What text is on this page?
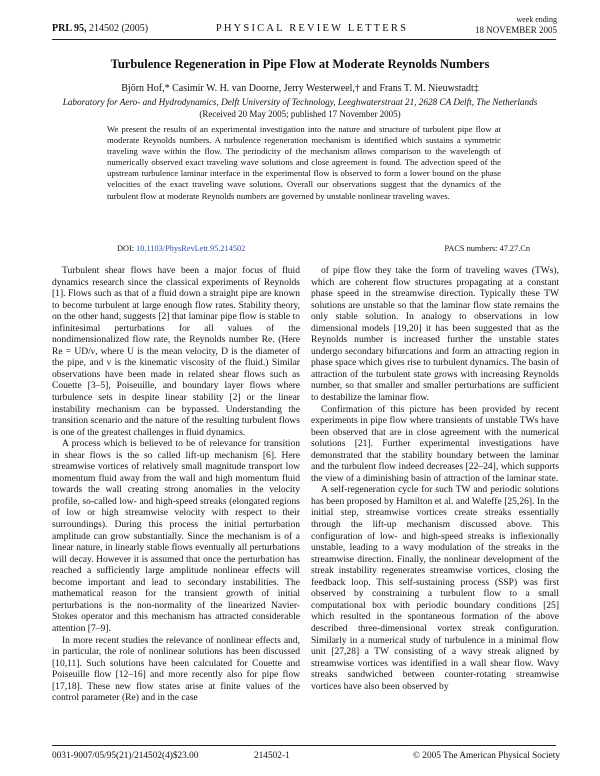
PRL 95, 214502 (2005)	PHYSICAL REVIEW LETTERS
week ending
18 NOVEMBER 2005
Turbulence Regeneration in Pipe Flow at Moderate Reynolds Numbers
Björn Hof,* Casimir W. H. van Doorne, Jerry Westerweel,† and Frans T. M. Nieuwstadt‡
Laboratory for Aero- and Hydrodynamics, Delft University of Technology, Leeghwaterstraat 21, 2628 CA Delft, The Netherlands
(Received 20 May 2005; published 17 November 2005)
We present the results of an experimental investigation into the nature and structure of turbulent pipe flow at moderate Reynolds numbers. A turbulence regeneration mechanism is identified which sustains a symmetric traveling wave within the flow. The periodicity of the mechanism allows comparison to the wavelength of numerically observed exact traveling wave solutions and close agreement is found. The advection speed of the upstream turbulence laminar interface in the experimental flow is observed to form a lower bound on the phase velocities of the exact traveling wave solutions. Overall our observations suggest that the dynamics of the turbulent flow at moderate Reynolds numbers are governed by unstable nonlinear traveling waves.
DOI: 10.1103/PhysRevLett.95.214502	PACS numbers: 47.27.Cn

Turbulent shear flows have been a major focus of fluid dynamics research since the classical experiments of Reynolds [1]. Flows such as that of a fluid down a straight pipe are known to become turbulent at large enough flow rates. Stability theory, on the other hand, suggests [2] that laminar pipe flow is stable to infinitesimal perturbations for all values of the nondimensionalized flow rate, the Reynolds number Re. (Here Re = UD/ν, where U is the mean velocity, D is the diameter of the pipe, and ν is the kinematic viscosity of the fluid.) Similar observations have been made in related shear flows such as Couette [3–5], Poiseuille, and boundary layer flows where turbulence sets in despite linear stability [2] or the linear instability mechanism can be bypassed. Understanding the transition scenario and the nature of the resulting turbulent flows is one of the greatest challenges in fluid dynamics.

A process which is believed to be of relevance for transition in shear flows is the so called lift-up mechanism [6]. Here streamwise vortices of relatively small magnitude transport low momentum fluid away from the wall and high momentum fluid towards the wall creating strong anomalies in the velocity profile, so-called low- and high-speed streaks (elongated regions of low or high streamwise velocity with respect to their surroundings). During this process the initial perturbation amplitude can grow substantially. Since the mechanism is of a linear nature, in linearly stable flows eventually all perturbations will decay. However it is assumed that once the perturbation has reached a sufficiently large amplitude nonlinear effects will become important and lead to secondary instabilities. The mathematical reason for the transient growth of initial perturbations is the non-normality of the linearized Navier-Stokes operator and this mechanism has attracted considerable attention [7–9].

In more recent studies the relevance of nonlinear effects and, in particular, the role of nonlinear solutions has been discussed [10,11]. Such solutions have been calculated for Couette and Poiseuille flow [12–16] and more recently also for pipe flow [17,18]. These new flow states arise at finite values of the control parameter (Re) and in the case

of pipe flow they take the form of traveling waves (TWs), which are coherent flow structures propagating at a constant phase speed in the streamwise direction. Typically these TW solutions are unstable so that the laminar flow state remains the only stable solution. In analogy to observations in low dimensional models [19,20] it has been suggested that as the Reynolds number is increased further the unstable states undergo secondary bifurcations and form an attracting region in phase space which gives rise to turbulent dynamics. The basin of attraction of the turbulent state grows with increasing Reynolds number, so that smaller and smaller perturbations are sufficient to destabilize the laminar flow.

Confirmation of this picture has been provided by recent experiments in pipe flow where transients of unstable TWs have been observed that are in close agreement with the numerical solutions [21]. Further experimental investigations have demonstrated that the stability boundary between the laminar and the turbulent flow indeed decreases [22–24], which supports the view of a diminishing basin of attraction of the laminar state.

A self-regeneration cycle for such TW and periodic solutions has been proposed by Hamilton et al. and Waleffe [25,26]. In the initial step, streamwise vortices create streaks essentially through the lift-up mechanism discussed above. This configuration of low- and high-speed streaks is inflexionally unstable, leading to a wavy modulation of the streaks in the streamwise direction. Finally, the nonlinear development of the streak instability regenerates streamwise vortices, closing the feedback loop. This self-sustaining process (SSP) was first observed by constraining a turbulent flow to a small computational box with periodic boundary conditions [25] which resulted in the spontaneous formation of the above described three-dimensional vortex streak configuration. Similarly in a numerical study of turbulence in a minimal flow unit [27,28] a TW consisting of a wavy streak aligned by streamwise vortices was identified in a wall shear flow. Wavy streaks sandwiched between counter-rotating streamwise vortices have also been observed by

0031-9007/05/95(21)/214502(4)$23.00	214502-1	© 2005 The American Physical Society
